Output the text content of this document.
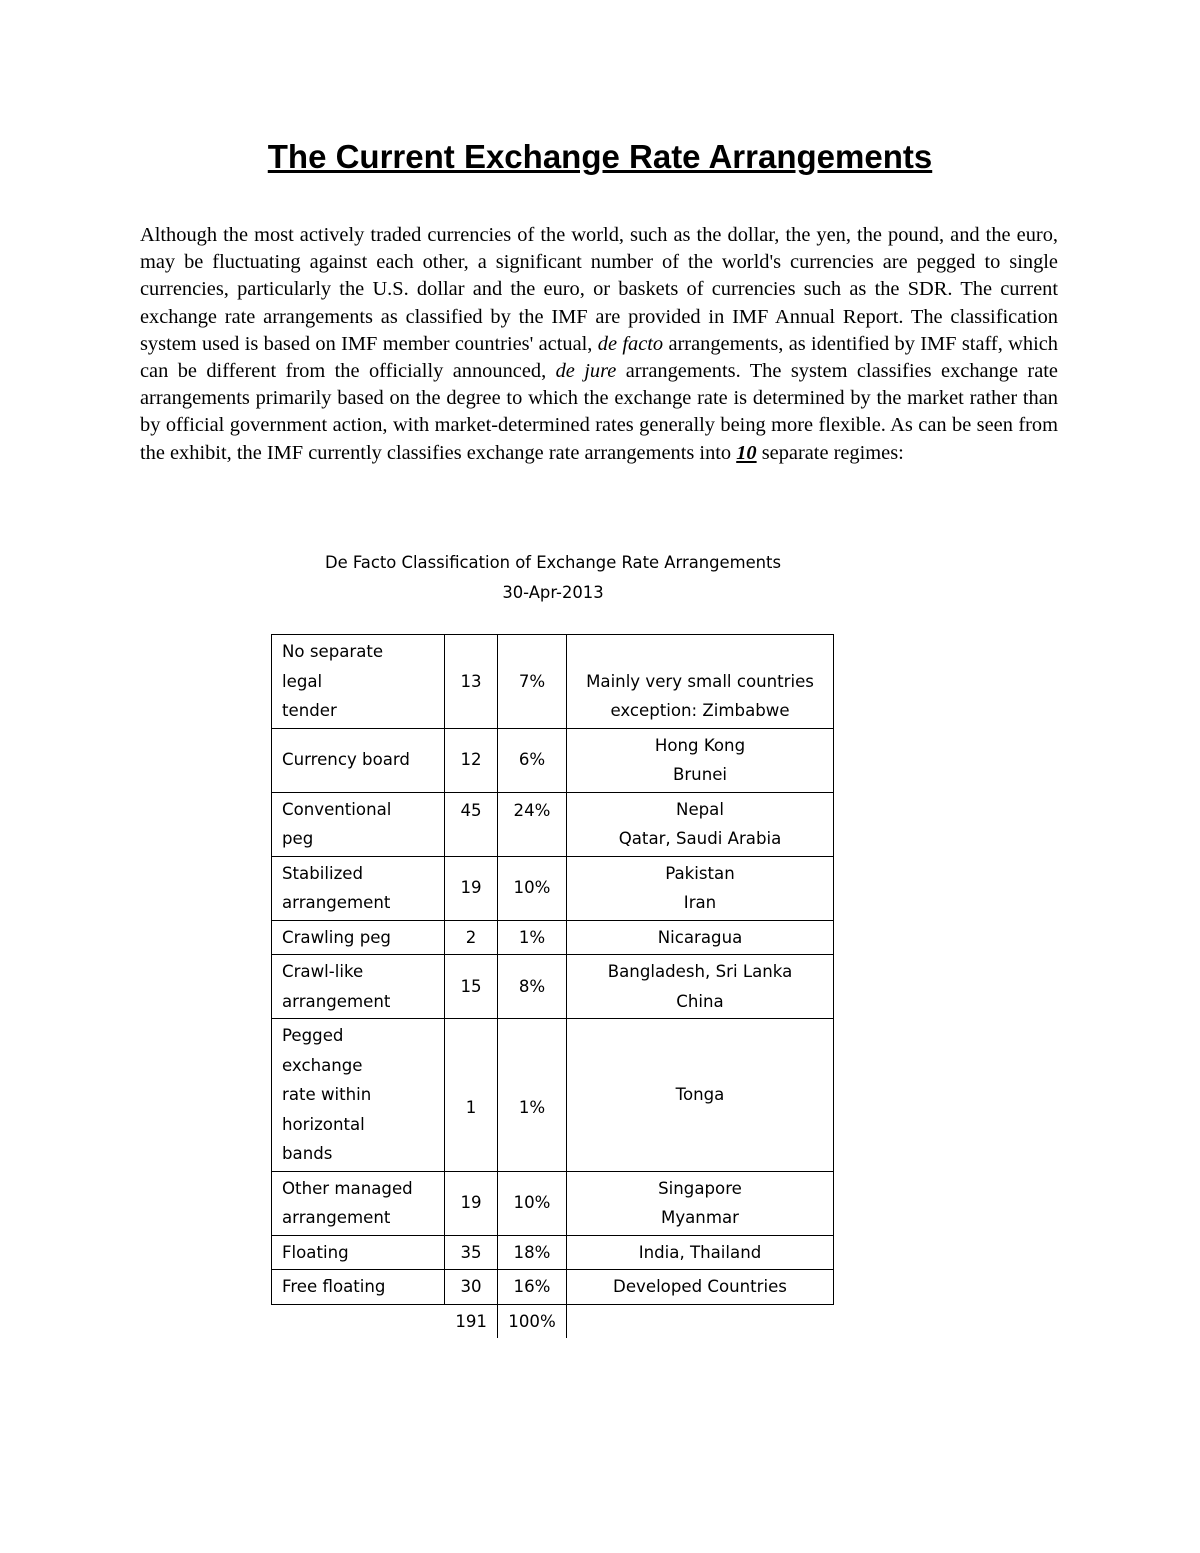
The Current Exchange Rate Arrangements

Although the most actively traded currencies of the world, such as the dollar, the yen, the pound, and the euro, may be fluctuating against each other, a significant number of the world's currencies are pegged to single currencies, particularly the U.S. dollar and the euro, or baskets of currencies such as the SDR. The current exchange rate arrangements as classified by the IMF are provided in IMF Annual Report. The classification system used is based on IMF member countries' actual, de facto arrangements, as identified by IMF staff, which can be different from the officially announced, de jure arrangements. The system classifies exchange rate arrangements primarily based on the degree to which the exchange rate is determined by the market rather than by official government action, with market-determined rates generally being more flexible. As can be seen from the exhibit, the IMF currently classifies exchange rate arrangements into 10 separate regimes:

De Facto Classification of Exchange Rate Arrangements
30-Apr-2013
No separate
legal
tender	13	7%	Mainly very small countries
exception: Zimbabwe

Currency board	12	6%	Hong Kong
Brunei

Conventional
peg	45	24%	Nepal
Qatar, Saudi Arabia

Stabilized
arrangement	19	10%	Pakistan
Iran

Crawling peg	2	1%	Nicaragua

Crawl-like
arrangement	15	8%	Bangladesh, Sri Lanka
China

Pegged
exchange
rate within
horizontal
bands	1	1%	Tonga

Other managed
arrangement	19	10%	Singapore
Myanmar

Floating	35	18%	India, Thailand

Free floating	30	16%	Developed Countries

	191	100%	
